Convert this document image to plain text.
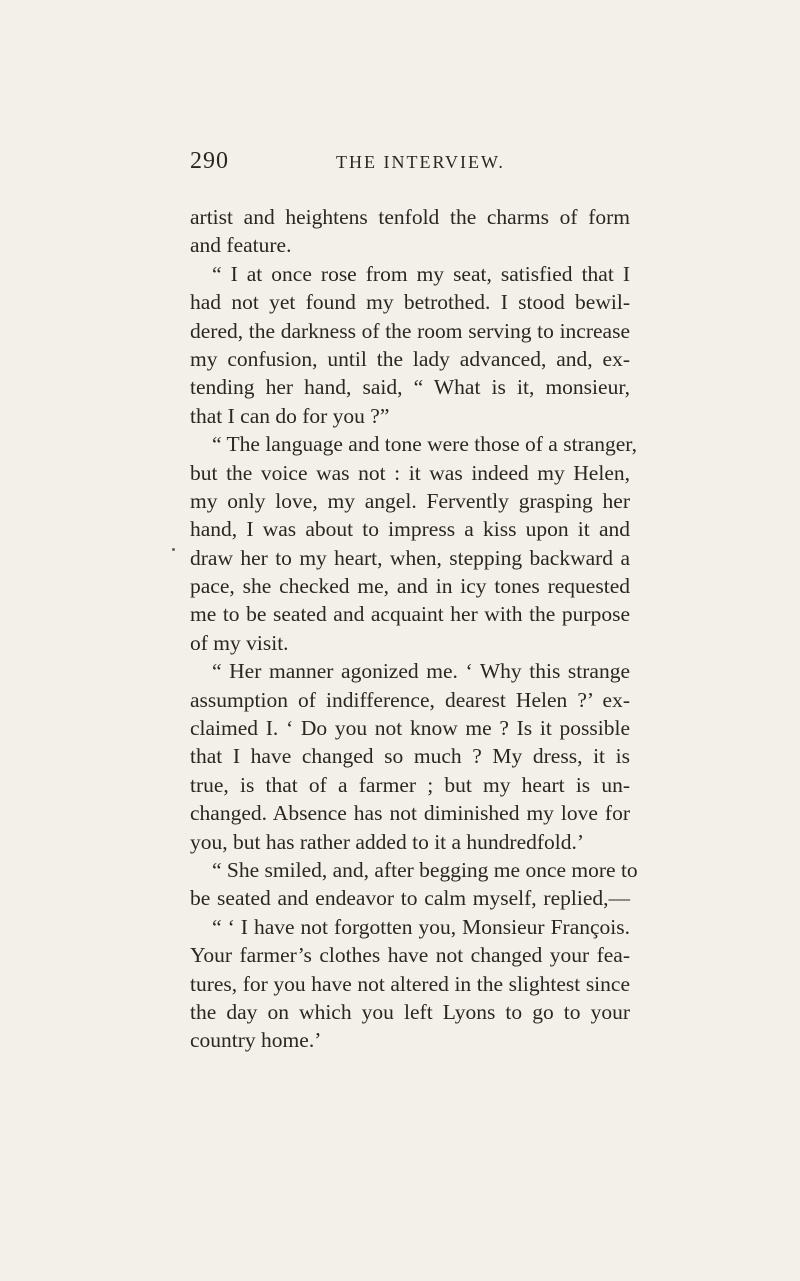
290	THE INTERVIEW.
artist and heightens tenfold the charms of form
and feature.
“ I at once rose from my seat, satisfied that I
had not yet found my betrothed. I stood bewil-
dered, the darkness of the room serving to increase
my confusion, until the lady advanced, and, ex-
tending her hand, said, “ What is it, monsieur,
that I can do for you ?”
“ The language and tone were those of a stranger,
but the voice was not : it was indeed my Helen,
my only love, my angel. Fervently grasping her
hand, I was about to impress a kiss upon it and
draw her to my heart, when, stepping backward a
pace, she checked me, and in icy tones requested
me to be seated and acquaint her with the purpose
of my visit.
“ Her manner agonized me. ‘ Why this strange
assumption of indifference, dearest Helen ?’ ex-
claimed I. ‘ Do you not know me ? Is it possible
that I have changed so much ? My dress, it is
true, is that of a farmer ; but my heart is un-
changed. Absence has not diminished my love for
you, but has rather added to it a hundredfold.’
“ She smiled, and, after begging me once more to
be seated and endeavor to calm myself, replied,—
“ ‘ I have not forgotten you, Monsieur François.
Your farmer’s clothes have not changed your fea-
tures, for you have not altered in the slightest since
the day on which you left Lyons to go to your
country home.’
